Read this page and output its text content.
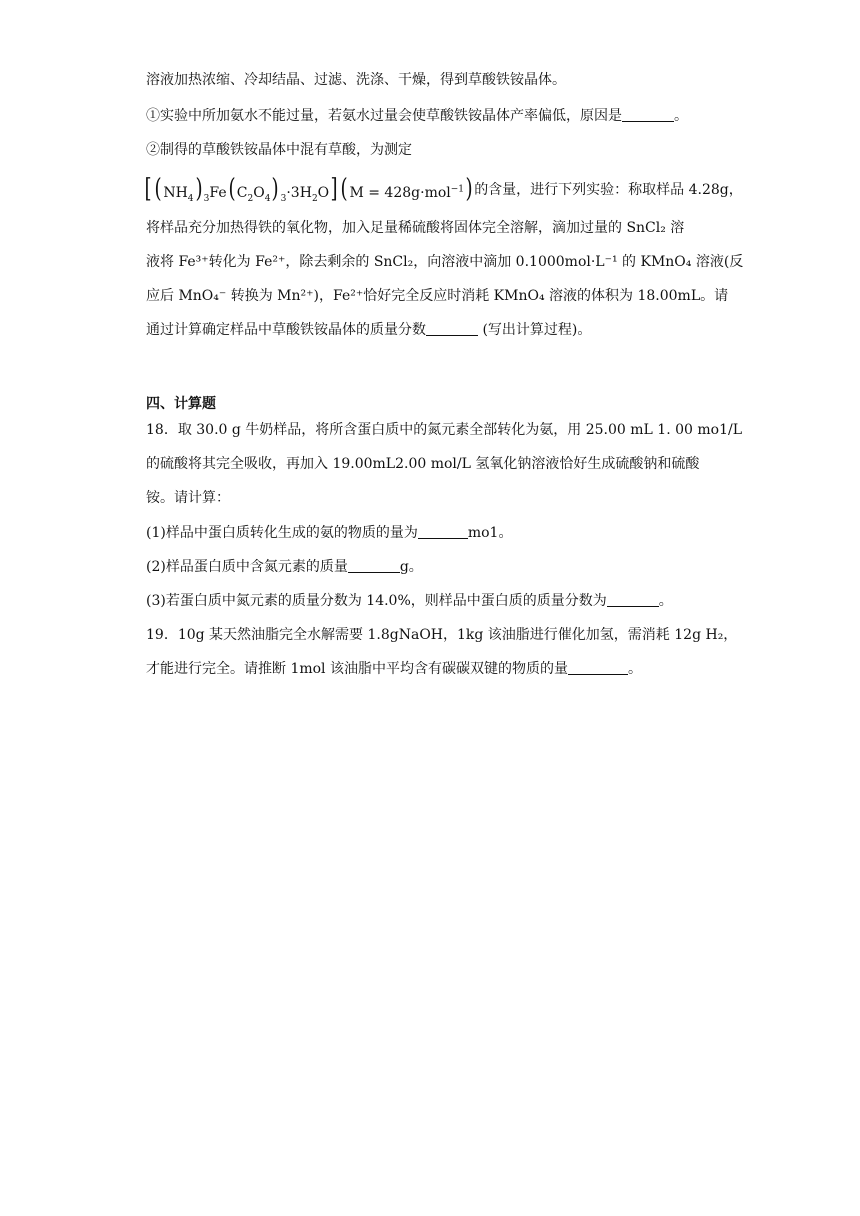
溶液加热浓缩、冷却结晶、过滤、洗涤、干燥，得到草酸铁铵晶体。
①实验中所加氨水不能过量，若氨水过量会使草酸铁铵晶体产率偏低，原因是	。
②制得的草酸铁铵晶体中混有草酸，为测定
[ ( $NH_4$) $_3$Fe( $C_2O_4$) $_3\cdot 3H_2O$] ( M = 428g·mol$^{-1}$) 的含量，进行下列实验：称取样品 4.28g，
将样品充分加热得铁的氧化物，加入足量稀硫酸将固体完全溶解，滴加过量的 SnCl₂ 溶
液将 Fe³⁺转化为 Fe²⁺，除去剩余的 SnCl₂，向溶液中滴加 0.1000mol·L⁻¹ 的 KMnO₄ 溶液(反
应后 MnO₄⁻ 转换为 Mn²⁺)，Fe²⁺恰好完全反应时消耗 KMnO₄ 溶液的体积为 18.00mL。请
通过计算确定样品中草酸铁铵晶体的质量分数	(写出计算过程)。
四、计算题
18．取 30.0 g 牛奶样品，将所含蛋白质中的氮元素全部转化为氨，用 25.00 mL 1. 00 mo1/L
的硫酸将其完全吸收，再加入 19.00mL2.00 mol/L 氢氧化钠溶液恰好生成硫酸钠和硫酸
铵。请计算：
(1)样品中蛋白质转化生成的氨的物质的量为	mo1。
(2)样品蛋白质中含氮元素的质量	g。
(3)若蛋白质中氮元素的质量分数为 14.0%，则样品中蛋白质的质量分数为	。
19．10g 某天然油脂完全水解需要 1.8gNaOH，1kg 该油脂进行催化加氢，需消耗 12g H₂，
才能进行完全。请推断 1mol 该油脂中平均含有碳碳双键的物质的量	。
